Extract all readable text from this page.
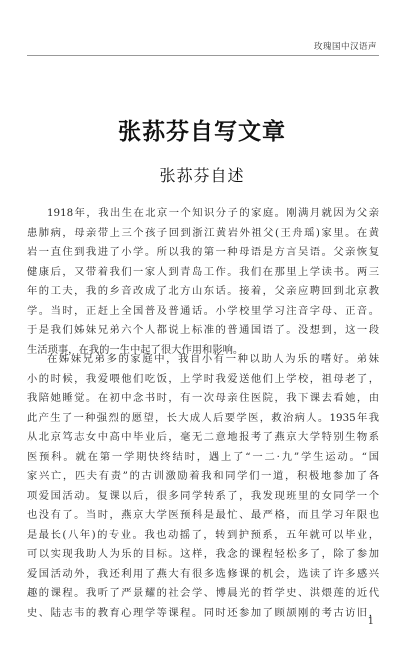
玫瑰国中汉语声
张荪芬自写文章
张荪芬自述
1918年，我出生在北京一个知识分子的家庭。刚满月就因为父亲
患肺病，母亲带上三个孩子回到浙江黄岩外祖父(王舟瑶)家里。在黄
岩一直住到我进了小学。所以我的第一种母语是方言吴语。父亲恢复
健康后，又带着我们一家人到青岛工作。我们在那里上学读书。两三
年的工夫，我的乡音改成了北方山东话。接着，父亲应聘回到北京教
学。当时，正赶上全国普及普通话。小学校里学习注音字母、正音。
于是我们姊妹兄弟六个人都说上标准的普通国语了。没想到，这一段
生活琐事，在我的一生中起了很大作用和影响。
在姊妹兄弟多的家庭中，我自小有一种以助人为乐的嗜好。弟妹
小的时候，我爱喂他们吃饭，上学时我爱送他们上学校，祖母老了，
我陪她睡觉。在初中念书时，有一次母亲住医院，我下课去看她，由
此产生了一种强烈的愿望，长大成人后要学医，救治病人。1935年我
从北京笃志女中高中毕业后，毫无二意地报考了燕京大学特别生物系
医预科。就在第一学期快终结时，遇上了“一二·九”学生运动。“国
家兴亡，匹夫有责”的古训激励着我和同学们一道，积极地参加了各
项爱国活动。复课以后，很多同学转系了，我发现班里的女同学一个
也没有了。当时，燕京大学医预科是最忙、最严格，而且学习年限也
是最长(八年)的专业。我也动摇了，转到护预系，五年就可以毕业，
可以实现我助人为乐的目标。这样，我念的课程轻松多了，除了参加
爱国活动外，我还利用了燕大有很多选修课的机会，选读了许多感兴
趣的课程。我听了严景耀的社会学、博晨光的哲学史、洪煨莲的近代
史、陆志韦的教育心理学等课程。同时还参加了顾颉刚的考古访旧，
1
